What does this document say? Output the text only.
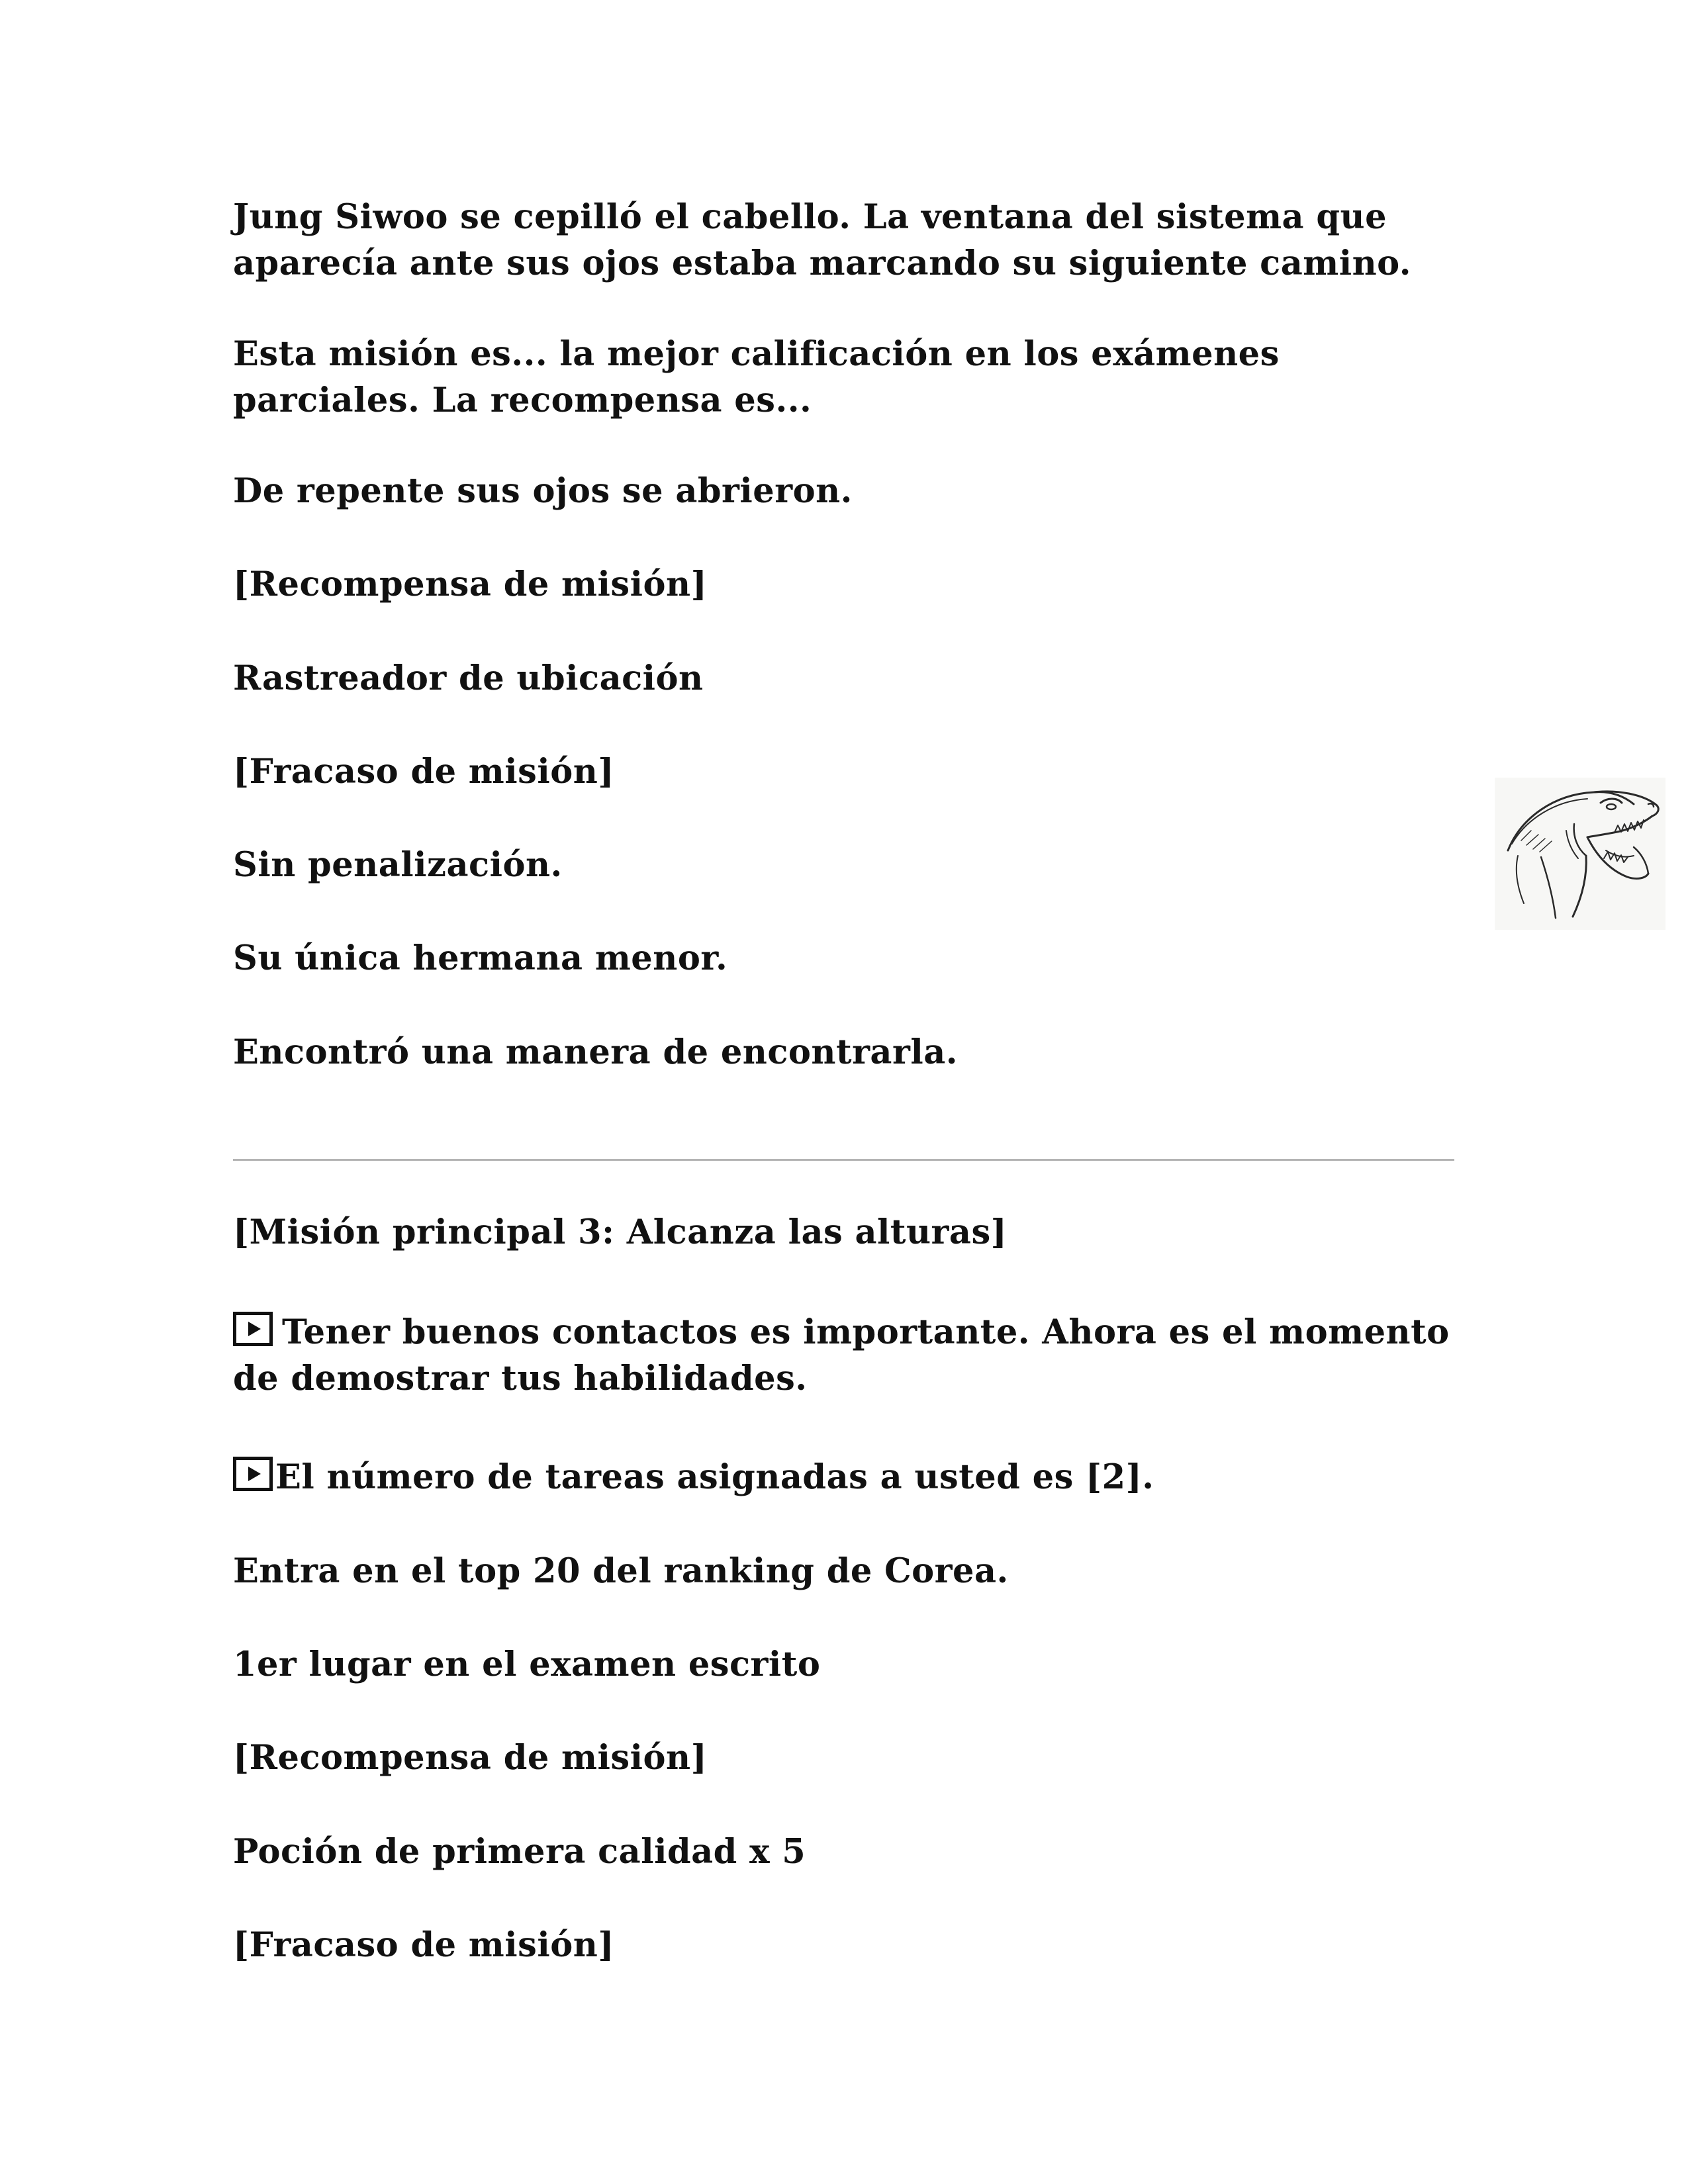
Jung Siwoo se cepilló el cabello. La ventana del sistema que aparecía ante sus ojos estaba marcando su siguiente camino.

Esta misión es... la mejor calificación en los exámenes parciales. La recompensa es...

De repente sus ojos se abrieron.

[Recompensa de misión]

Rastreador de ubicación

[Fracaso de misión]

Sin penalización.

Su única hermana menor.

Encontró una manera de encontrarla.

[Misión principal 3: Alcanza las alturas]

Tener buenos contactos es importante. Ahora es el momento de demostrar tus habilidades.

El número de tareas asignadas a usted es [2].

Entra en el top 20 del ranking de Corea.

1er lugar en el examen escrito

[Recompensa de misión]

Poción de primera calidad x 5

[Fracaso de misión]
